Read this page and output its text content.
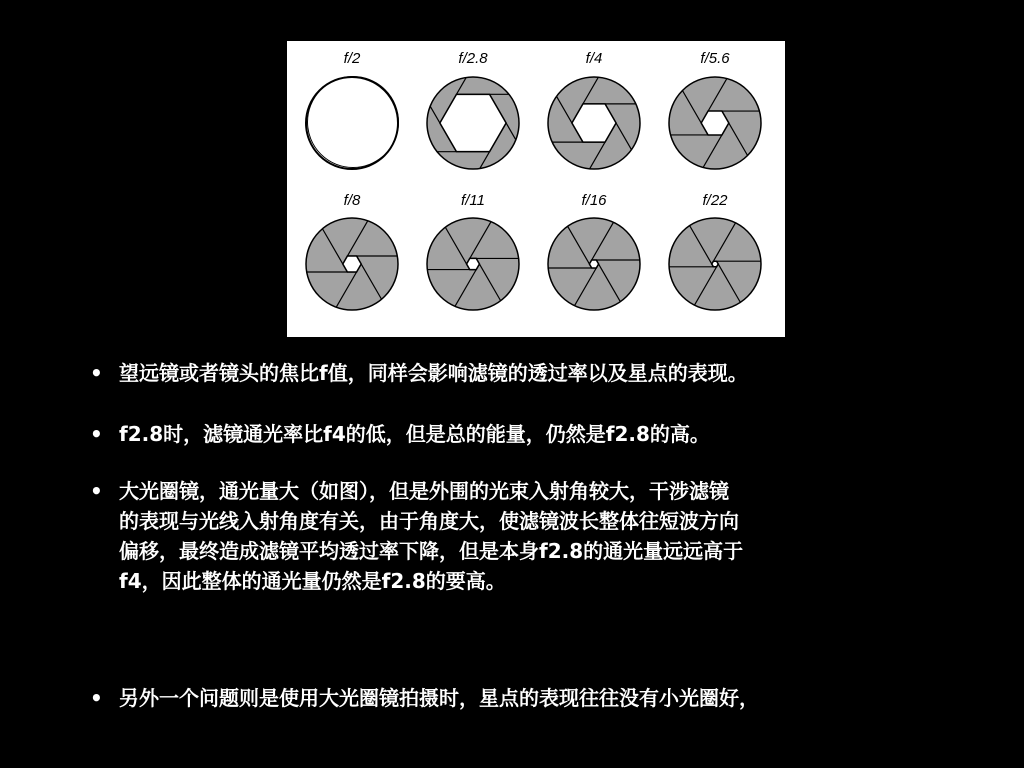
f/2	f/2.8	f/4	f/5.6
f/8	f/11	f/16	f/22
• 望远镜或者镜头的焦比f值，同样会影响滤镜的透过率以及星点的表现。
• f2.8时，滤镜通光率比f4的低，但是总的能量，仍然是f2.8的高。
• 大光圈镜，通光量大（如图），但是外围的光束入射角较大，干涉滤镜
的表现与光线入射角度有关，由于角度大，使滤镜波长整体往短波方向
偏移，最终造成滤镜平均透过率下降，但是本身f2.8的通光量远远高于
f4，因此整体的通光量仍然是f2.8的要高。
• 另外一个问题则是使用大光圈镜拍摄时，星点的表现往往没有小光圈好，
